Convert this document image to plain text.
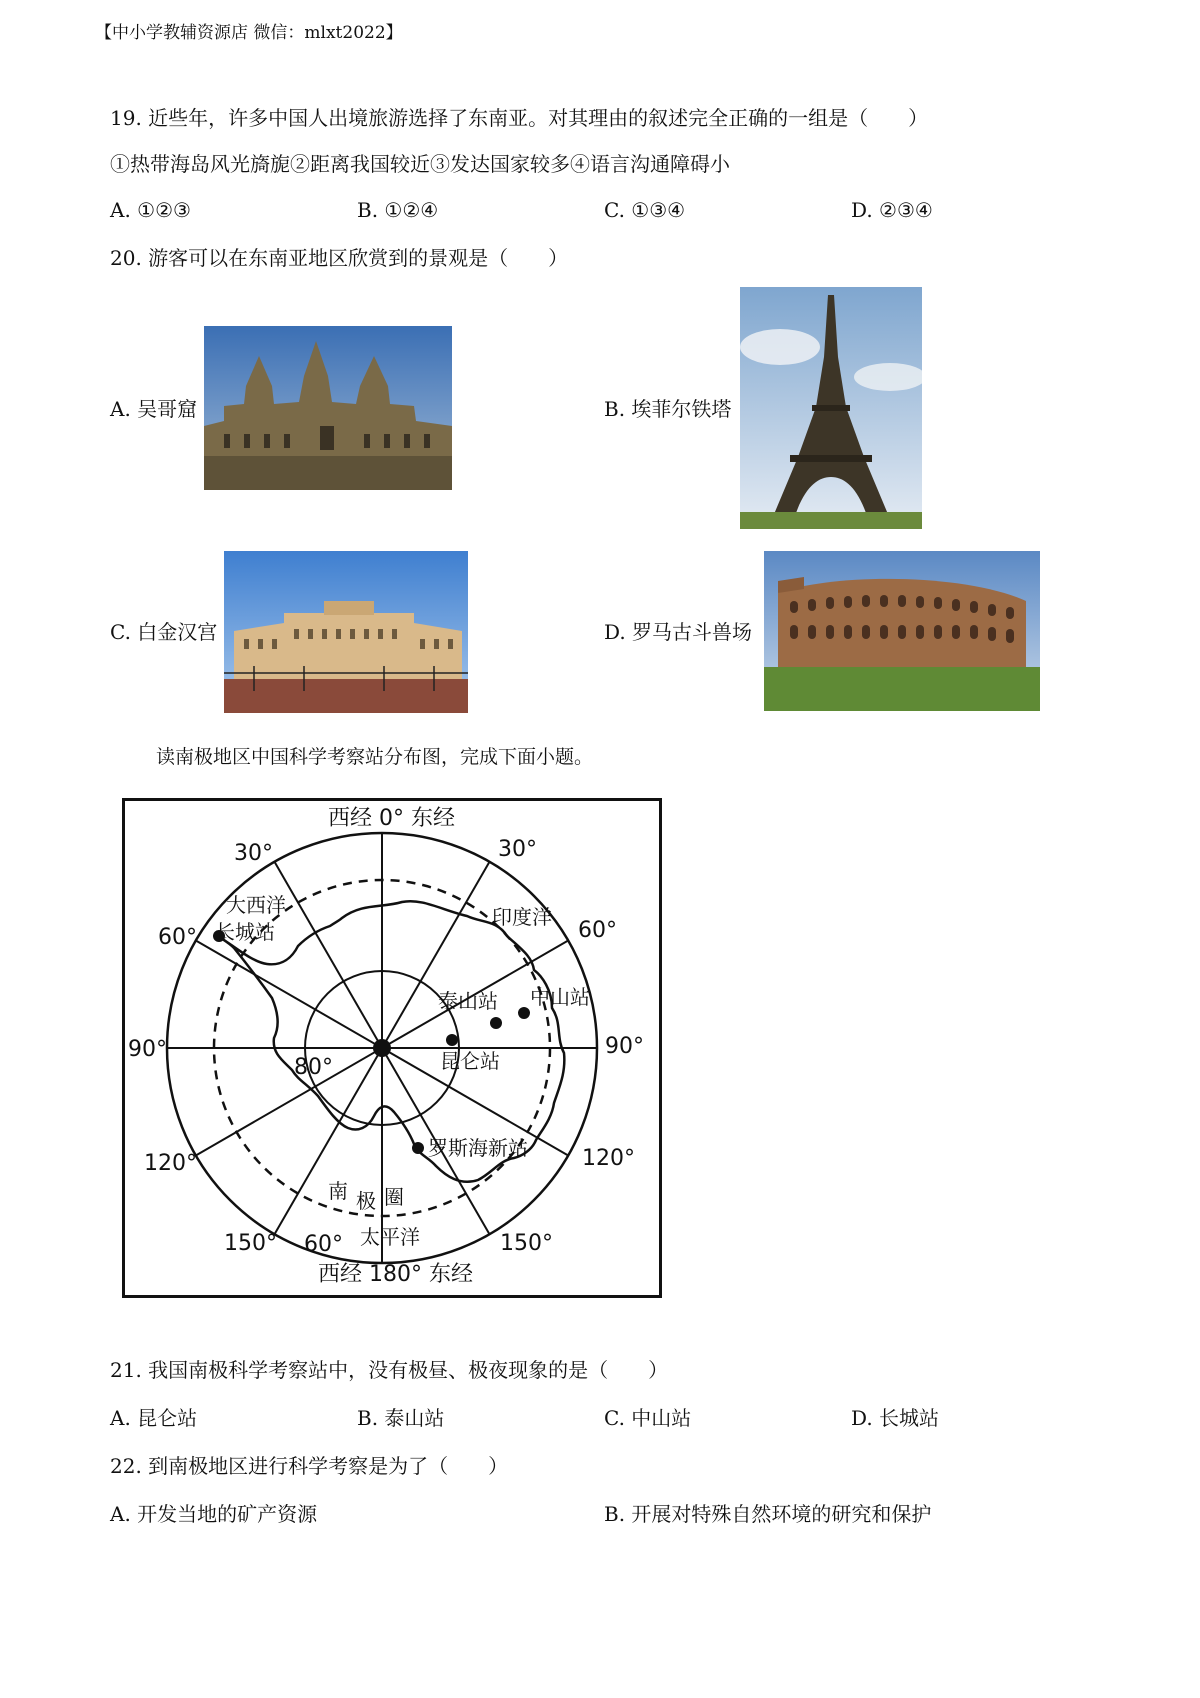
【中小学教辅资源店 微信：mlxt2022】
19. 近些年，许多中国人出境旅游选择了东南亚。对其理由的叙述完全正确的一组是（　　）
①热带海岛风光旖旎②距离我国较近③发达国家较多④语言沟通障碍小
A. ①②③	B. ①②④	C. ①③④	D. ②③④
20. 游客可以在东南亚地区欣赏到的景观是（　　）
A. 吴哥窟	B. 埃菲尔铁塔
C. 白金汉宫	D. 罗马古斗兽场
读南极地区中国科学考察站分布图，完成下面小题。
西经 0° 东经
西经 180° 东经
30°	30°
60°	60°
90°	90°
120°	120°
150°	150°
80°
60°
大西洋
长城站
印度洋
泰山站 中山站
昆仑站
罗斯海新站
南 极 圈
太平洋
21. 我国南极科学考察站中，没有极昼、极夜现象的是（　　）
A. 昆仑站	B. 泰山站	C. 中山站	D. 长城站
22. 到南极地区进行科学考察是为了（　　）
A. 开发当地的矿产资源	B. 开展对特殊自然环境的研究和保护
